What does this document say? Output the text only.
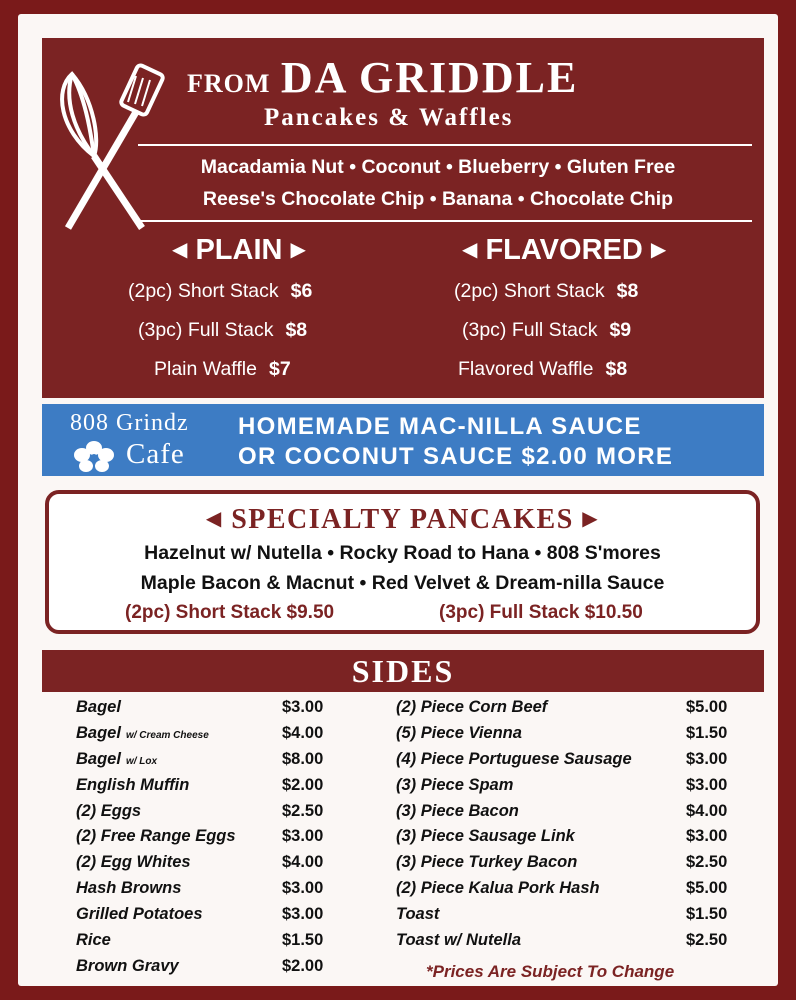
FROM DA GRIDDLE
Pancakes & Waffles
Macadamia Nut • Coconut • Blueberry • Gluten Free
Reese's Chocolate Chip • Banana • Chocolate Chip
◀ PLAIN ▶
(2pc) Short Stack $6
(3pc) Full Stack $8
Plain Waffle $7
◀ FLAVORED ▶
(2pc) Short Stack $8
(3pc) Full Stack $9
Flavored Waffle $8
808 Grindz
Cafe
HOMEMADE MAC-NILLA SAUCE
OR COCONUT SAUCE $2.00 MORE
◀ SPECIALTY PANCAKES ▶
Hazelnut w/ Nutella • Rocky Road to Hana • 808 S'mores
Maple Bacon & Macnut • Red Velvet & Dream-nilla Sauce
(2pc) Short Stack $9.50	(3pc) Full Stack $10.50
SIDES
Bagel	$3.00
Bagel w/ Cream Cheese	$4.00
Bagel w/ Lox	$8.00
English Muffin	$2.00
(2) Eggs	$2.50
(2) Free Range Eggs	$3.00
(2) Egg Whites	$4.00
Hash Browns	$3.00
Grilled Potatoes	$3.00
Rice	$1.50
Brown Gravy	$2.00
(2) Piece Corn Beef	$5.00
(5) Piece Vienna	$1.50
(4) Piece Portuguese Sausage	$3.00
(3) Piece Spam	$3.00
(3) Piece Bacon	$4.00
(3) Piece Sausage Link	$3.00
(3) Piece Turkey Bacon	$2.50
(2) Piece Kalua Pork Hash	$5.00
Toast	$1.50
Toast w/ Nutella	$2.50
*Prices Are Subject To Change
